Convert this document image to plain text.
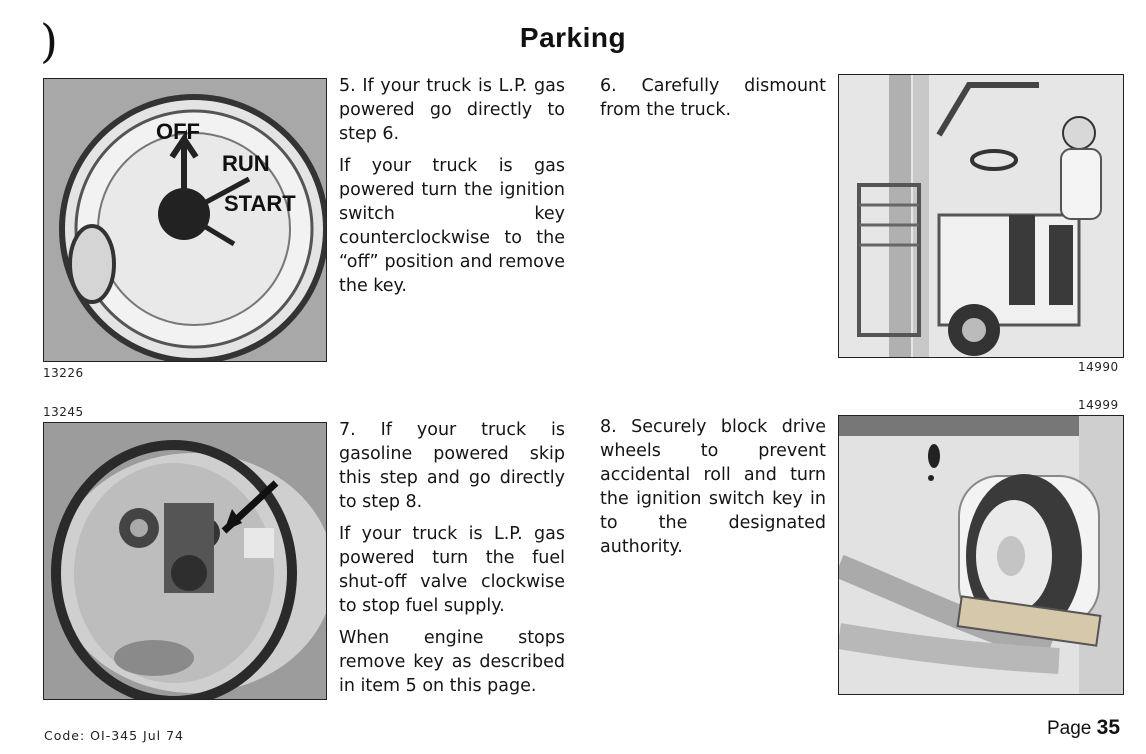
)	Parking
OFF
RUN
START
13226	14990
13245	14999

5. If your truck is L.P. gas powered go directly to step 6.

If your truck is gas powered turn the ignition switch key counterclockwise to the “off” position and remove the key.

6. Carefully dismount from the truck.

7. If your truck is gasoline powered skip this step and go directly to step 8.

If your truck is L.P. gas powered turn the fuel shut-off valve clockwise to stop fuel supply.

When engine stops remove key as described in item 5 on this page.

8. Securely block drive wheels to prevent accidental roll and turn the ignition switch key in to the designated authority.

Code: OI-345 Jul 74	Page 35
